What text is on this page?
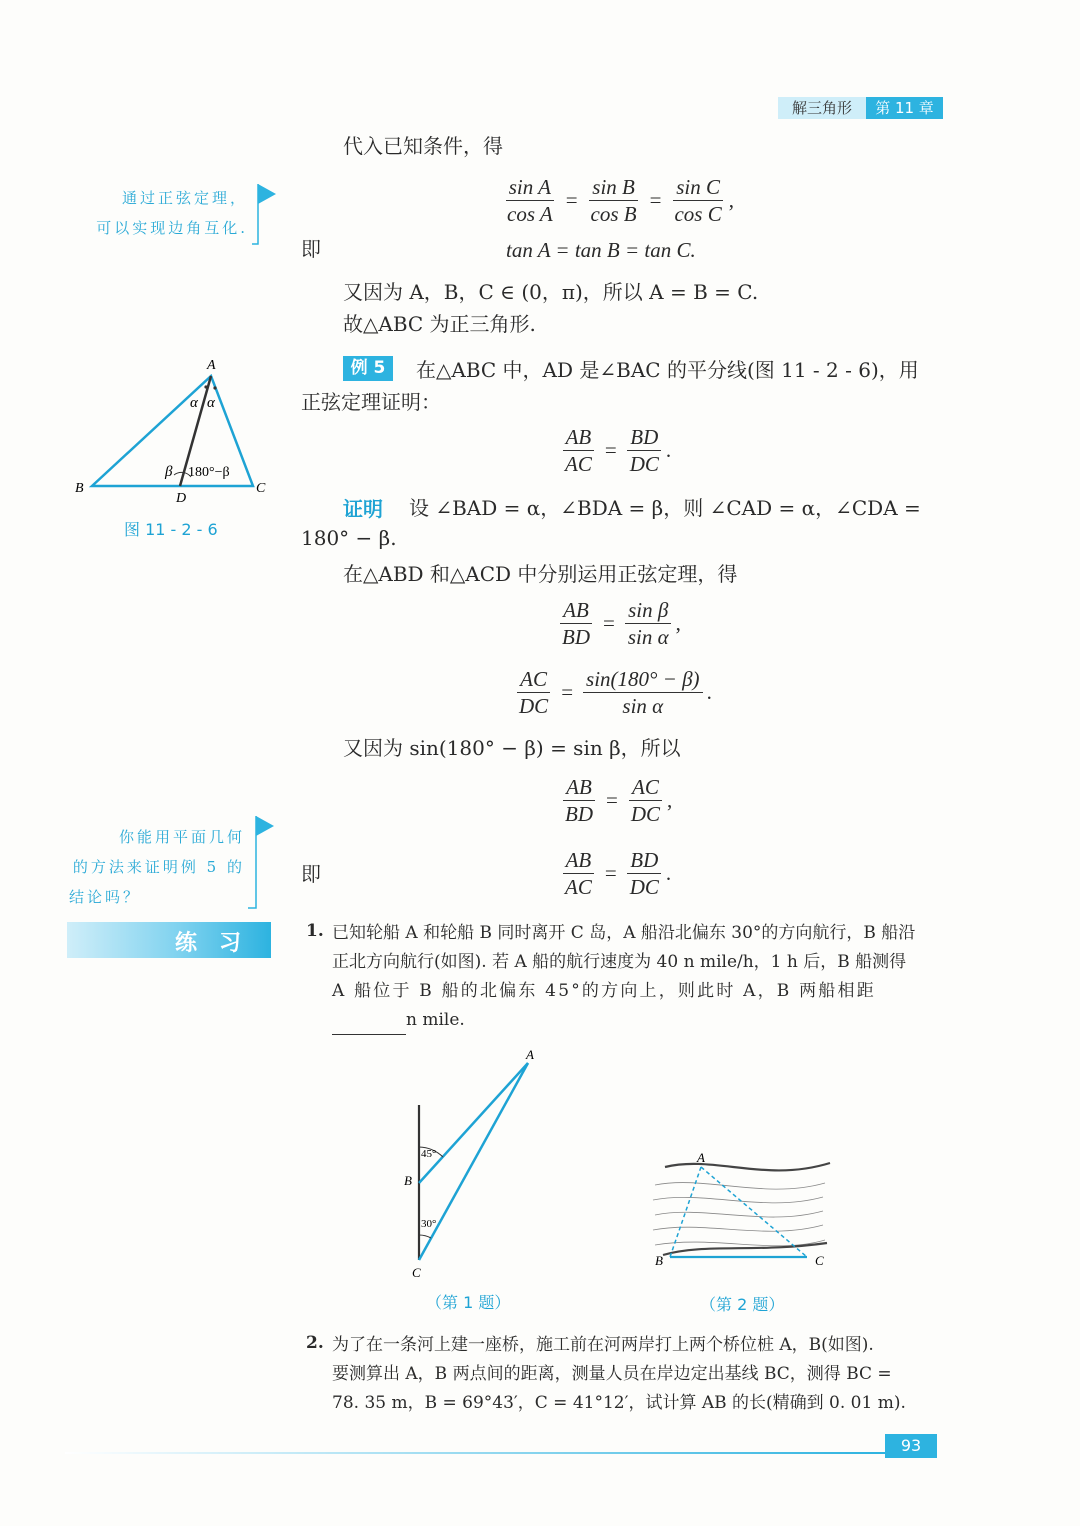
解三角形	第 11 章
通过正弦定理，
可以实现边角互化.
代入已知条件，得
$\frac{\text{sin A}}{\text{cos A}} = \frac{\text{sin B}}{\text{cos B}} = \frac{\text{sin C}}{\text{cos C}}$ ,
即	tan A = tan B = tan C.
又因为 A，B，C ∈ (0，π)，所以 A = B = C.
故△ABC 为正三角形.
A
B	C
D
α α
β 180°−β
图 11 - 2 - 6
例 5	在△ABC 中，AD 是∠BAC 的平分线(图 11 - 2 - 6)，用
正弦定理证明：
$\frac{AB}{AC} = \frac{BD}{DC}$ .
证明 设 ∠BAD = α，∠BDA = β，则 ∠CAD = α，∠CDA =
180° − β.
在△ABD 和△ACD 中分别运用正弦定理，得
$\frac{AB}{BD} = \frac{\text{sin β}}{\text{sin α}}$ ,
$\frac{AC}{DC} = \frac{\sin(180^\circ - \beta)}{\text{sin α}}$ .
又因为 sin(180° − β) = sin β，所以
$\frac{AB}{BD} = \frac{AC}{DC}$ ,
即	$\frac{AB}{AC} = \frac{BD}{DC}$ .
你能用平面几何
的方法来证明例 5 的
结论吗？
练　习	1. 已知轮船 A 和轮船 B 同时离开 C 岛，A 船沿北偏东 30°的方向航行，B 船沿
正北方向航行(如图). 若 A 船的航行速度为 40 n mile/h，1 h 后，B 船测得
A 船位于 B 船的北偏东 45°的方向上，则此时 A，B 两船相距
n mile.
A
B
C
45°
30°
（第 1 题）
A
B	C
（第 2 题）
2. 为了在一条河上建一座桥，施工前在河两岸打上两个桥位桩 A，B(如图).
要测算出 A，B 两点间的距离，测量人员在岸边定出基线 BC，测得 BC =
78. 35 m，B = 69°43′，C = 41°12′，试计算 AB 的长(精确到 0. 01 m).
93
